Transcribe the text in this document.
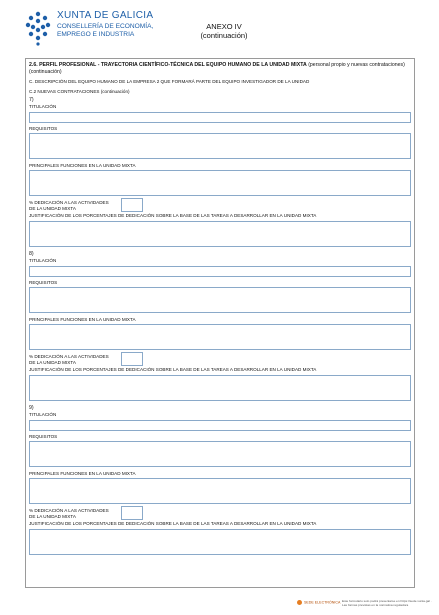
XUNTA DE GALICIA
CONSELLERÍA DE ECONOMÍA,
EMPREGO E INDUSTRIA
ANEXO IV
(continuación)
2.6. PERFIL PROFESIONAL - TRAYECTORIA CIENTÍFICO-TÉCNICA DEL EQUIPO HUMANO DE LA UNIDAD MIXTA (personal propio y nuevas contrataciones) (continuación)
C. DESCRIPCIÓN DEL EQUIPO HUMANO DE LA EMPRESA 2 QUE FORMARÁ PARTE DEL EQUIPO INVESTIGADOR DE LA UNIDAD
C.2 NUEVAS CONTRATACIONES (continuación)
7)
TITULACIÓN
REQUISITOS
PRINCIPALES FUNCIONES EN LA UNIDAD MIXTA
% DEDICACIÓN A LAS ACTIVIDADES
DE LA UNIDAD MIXTA
JUSTIFICACIÓN DE LOS PORCENTAJES DE DEDICACIÓN SOBRE LA BASE DE LAS TAREAS A DESARROLLAR EN LA UNIDAD MIXTA
8)
TITULACIÓN
REQUISITOS
PRINCIPALES FUNCIONES EN LA UNIDAD MIXTA
% DEDICACIÓN A LAS ACTIVIDADES
DE LA UNIDAD MIXTA
JUSTIFICACIÓN DE LOS PORCENTAJES DE DEDICACIÓN SOBRE LA BASE DE LAS TAREAS A DESARROLLAR EN LA UNIDAD MIXTA
9)
TITULACIÓN
REQUISITOS
PRINCIPALES FUNCIONES EN LA UNIDAD MIXTA
% DEDICACIÓN A LAS ACTIVIDADES
DE LA UNIDAD MIXTA
JUSTIFICACIÓN DE LOS PORCENTAJES DE DEDICACIÓN SOBRE LA BASE DE LAS TAREAS A DESARROLLAR EN LA UNIDAD MIXTA
SEDE ELECTRÓNICA Este formulario solo podrá presentarse en https://sede.xunta.gal · Las formas previstas en la normativa reguladora
